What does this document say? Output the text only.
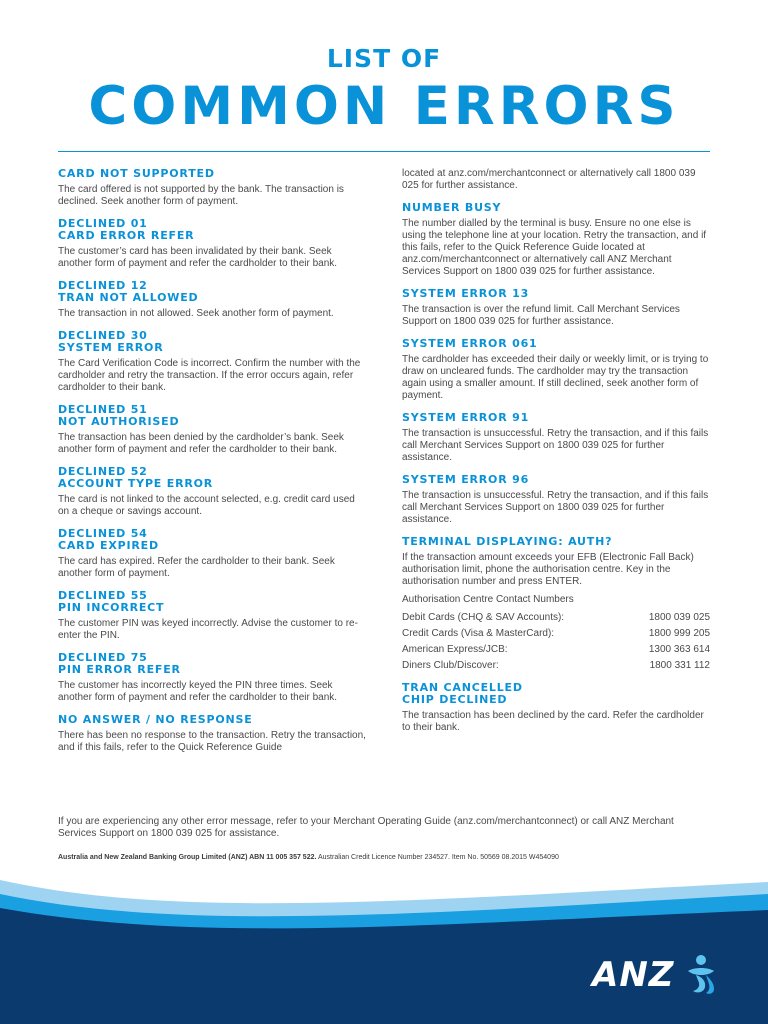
LIST OF
COMMON ERRORS
CARD NOT SUPPORTED
The card offered is not supported by the bank. The transaction is declined. Seek another form of payment.
DECLINED 01
CARD ERROR REFER
The customer’s card has been invalidated by their bank. Seek another form of payment and refer the cardholder to their bank.
DECLINED 12
TRAN NOT ALLOWED
The transaction in not allowed. Seek another form of payment.
DECLINED 30
SYSTEM ERROR
The Card Verification Code is incorrect. Confirm the number with the cardholder and retry the transaction. If the error occurs again, refer cardholder to their bank.
DECLINED 51
NOT AUTHORISED
The transaction has been denied by the cardholder’s bank. Seek another form of payment and refer the cardholder to their bank.
DECLINED 52
ACCOUNT TYPE ERROR
The card is not linked to the account selected, e.g. credit card used on a cheque or savings account.
DECLINED 54
CARD EXPIRED
The card has expired. Refer the cardholder to their bank. Seek another form of payment.
DECLINED 55
PIN INCORRECT
The customer PIN was keyed incorrectly. Advise the customer to re-enter the PIN.
DECLINED 75
PIN ERROR REFER
The customer has incorrectly keyed the PIN three times. Seek another form of payment and refer the cardholder to their bank.
NO ANSWER / NO RESPONSE
There has been no response to the transaction. Retry the transaction, and if this fails, refer to the Quick Reference Guide
located at anz.com/merchantconnect or alternatively call 1800 039 025 for further assistance.
NUMBER BUSY
The number dialled by the terminal is busy. Ensure no one else is using the telephone line at your location. Retry the transaction, and if this fails, refer to the Quick Reference Guide located at anz.com/merchantconnect or alternatively call ANZ Merchant Services Support on 1800 039 025 for further assistance.
SYSTEM ERROR 13
The transaction is over the refund limit. Call Merchant Services Support on 1800 039 025 for further assistance.
SYSTEM ERROR 061
The cardholder has exceeded their daily or weekly limit, or is trying to draw on uncleared funds. The cardholder may try the transaction again using a smaller amount. If still declined, seek another form of payment.
SYSTEM ERROR 91
The transaction is unsuccessful. Retry the transaction, and if this fails call Merchant Services Support on 1800 039 025 for further assistance.
SYSTEM ERROR 96
The transaction is unsuccessful. Retry the transaction, and if this fails call Merchant Services Support on 1800 039 025 for further assistance.
TERMINAL DISPLAYING: AUTH?
If the transaction amount exceeds your EFB (Electronic Fall Back) authorisation limit, phone the authorisation centre. Key in the authorisation number and press ENTER.
Authorisation Centre Contact Numbers
Debit Cards (CHQ & SAV Accounts):	1800 039 025
Credit Cards (Visa & MasterCard):	1800 999 205
American Express/JCB:	1300 363 614
Diners Club/Discover:	1800 331 112
TRAN CANCELLED
CHIP DECLINED
The transaction has been declined by the card. Refer the cardholder to their bank.
If you are experiencing any other error message, refer to your Merchant Operating Guide (anz.com/merchantconnect) or call ANZ Merchant Services Support on 1800 039 025 for assistance.
Australia and New Zealand Banking Group Limited (ANZ) ABN 11 005 357 522. Australian Credit Licence Number 234527. Item No. 50569 08.2015 W454090
ANZ
